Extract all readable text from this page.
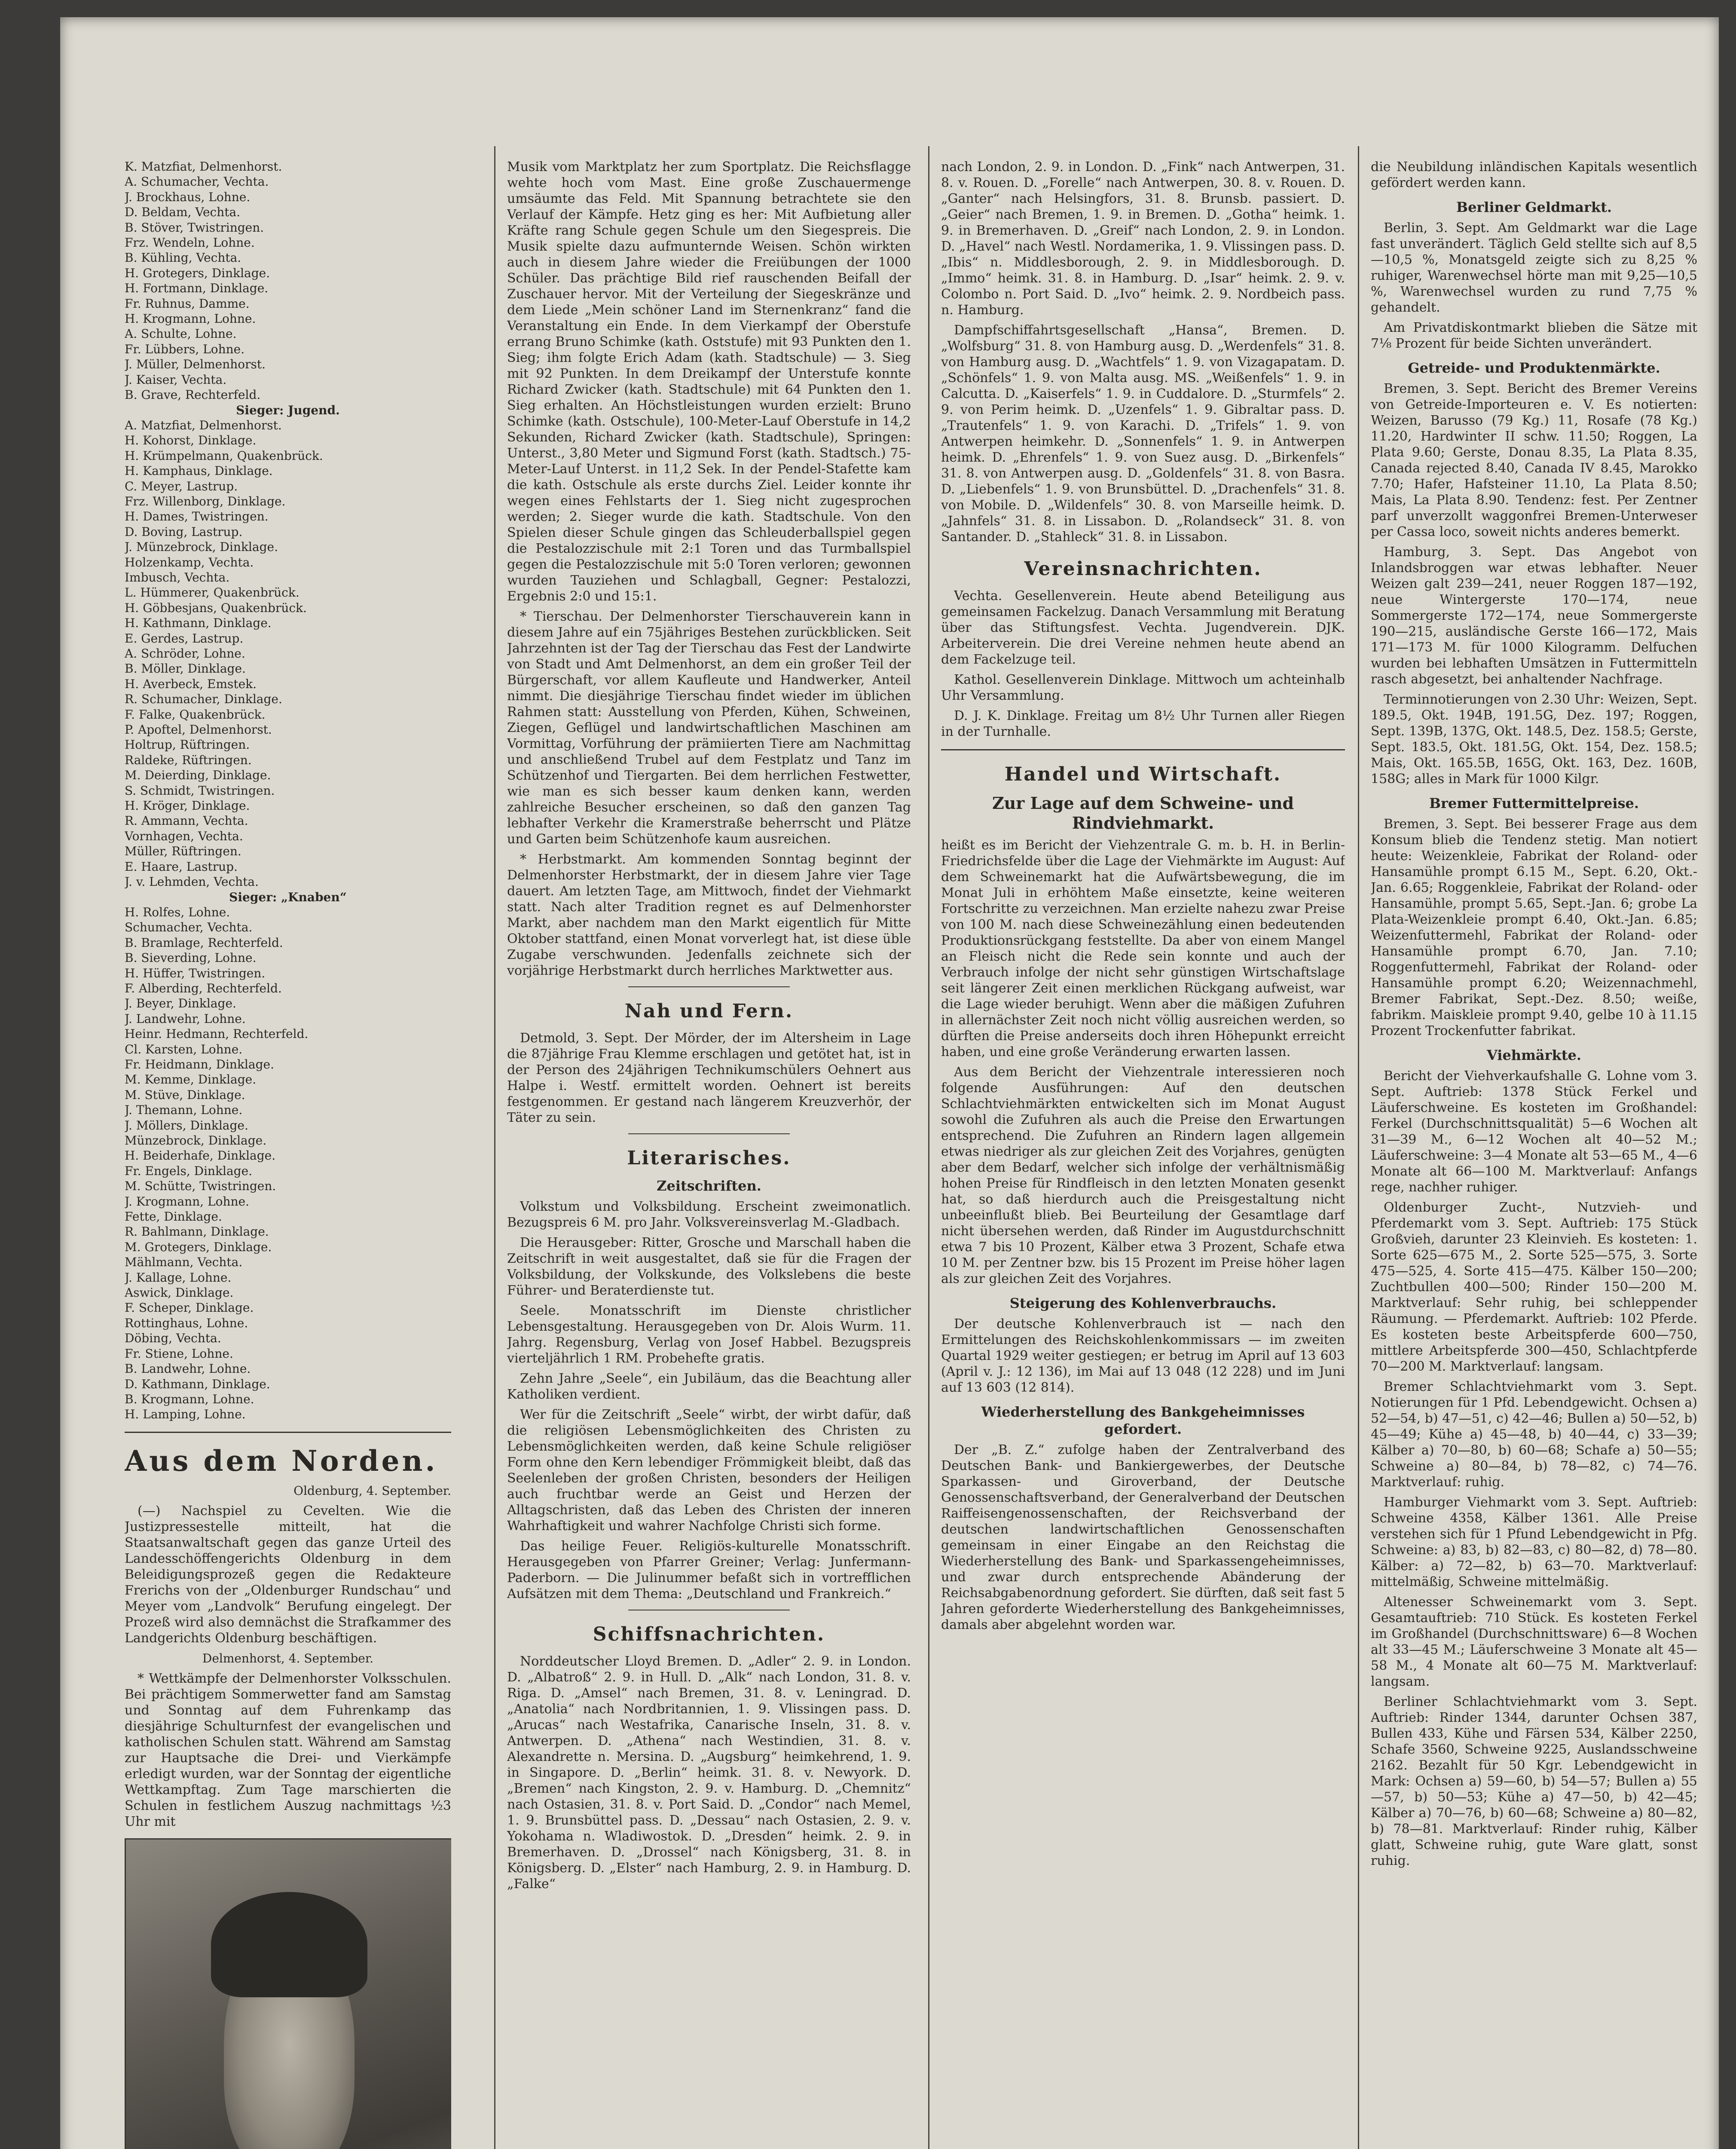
K. Matzfiat, Delmenhorst.
A. Schumacher, Vechta.
J. Brockhaus, Lohne.
D. Beldam, Vechta.
B. Stöver, Twistringen.
Frz. Wendeln, Lohne.
B. Kühling, Vechta.
H. Grotegers, Dinklage.
H. Fortmann, Dinklage.
Fr. Ruhnus, Damme.
H. Krogmann, Lohne.
A. Schulte, Lohne.
Fr. Lübbers, Lohne.
J. Müller, Delmenhorst.
J. Kaiser, Vechta.
B. Grave, Rechterfeld.
Sieger: Jugend.
A. Matzfiat, Delmenhorst.
H. Kohorst, Dinklage.
H. Krümpelmann, Quakenbrück.
H. Kamphaus, Dinklage.
C. Meyer, Lastrup.
Frz. Willenborg, Dinklage.
H. Dames, Twistringen.
D. Boving, Lastrup.
J. Münzebrock, Dinklage.
Holzenkamp, Vechta.
Imbusch, Vechta.
L. Hümmerer, Quakenbrück.
H. Göbbesjans, Quakenbrück.
H. Kathmann, Dinklage.
E. Gerdes, Lastrup.
A. Schröder, Lohne.
B. Möller, Dinklage.
H. Averbeck, Emstek.
R. Schumacher, Dinklage.
F. Falke, Quakenbrück.
P. Apoftel, Delmenhorst.
Holtrup, Rüftringen.
Raldeke, Rüftringen.
M. Deierding, Dinklage.
S. Schmidt, Twistringen.
H. Kröger, Dinklage.
R. Ammann, Vechta.
Vornhagen, Vechta.
Müller, Rüftringen.
E. Haare, Lastrup.
J. v. Lehmden, Vechta.
Sieger: „Knaben“
H. Rolfes, Lohne.
Schumacher, Vechta.
B. Bramlage, Rechterfeld.
B. Sieverding, Lohne.
H. Hüffer, Twistringen.
F. Alberding, Rechterfeld.
J. Beyer, Dinklage.
J. Landwehr, Lohne.
Heinr. Hedmann, Rechterfeld.
Cl. Karsten, Lohne.
Fr. Heidmann, Dinklage.
M. Kemme, Dinklage.
M. Stüve, Dinklage.
J. Themann, Lohne.
J. Möllers, Dinklage.
Münzebrock, Dinklage.
H. Beiderhafe, Dinklage.
Fr. Engels, Dinklage.
M. Schütte, Twistringen.
J. Krogmann, Lohne.
Fette, Dinklage.
R. Bahlmann, Dinklage.
M. Grotegers, Dinklage.
Mählmann, Vechta.
J. Kallage, Lohne.
Aswick, Dinklage.
F. Scheper, Dinklage.
Rottinghaus, Lohne.
Döbing, Vechta.
Fr. Stiene, Lohne.
B. Landwehr, Lohne.
D. Kathmann, Dinklage.
B. Krogmann, Lohne.
H. Lamping, Lohne.
Aus dem Norden.
Oldenburg, 4. September.

(—) Nachspiel zu Cevelten. Wie die Justizpressestelle mitteilt, hat die Staatsanwaltschaft gegen das ganze Urteil des Landesschöffengerichts Oldenburg in dem Beleidigungsprozeß gegen die Redakteure Frerichs von der „Oldenburger Rundschau“ und Meyer vom „Landvolk“ Berufung eingelegt. Der Prozeß wird also demnächst die Strafkammer des Landgerichts Oldenburg beschäftigen.

Delmenhorst, 4. September.

* Wettkämpfe der Delmenhorster Volksschulen. Bei prächtigem Sommerwetter fand am Samstag und Sonntag auf dem Fuhrenkamp das diesjährige Schulturnfest der evangelischen und katholischen Schulen statt. Während am Samstag zur Hauptsache die Drei- und Vierkämpfe erledigt wurden, war der Sonntag der eigentliche Wettkampftag. Zum Tage marschierten die Schulen in festlichem Auszug nachmittags ½3 Uhr mit

Musik vom Marktplatz her zum Sportplatz. Die Reichsflagge wehte hoch vom Mast. Eine große Zuschauermenge umsäumte das Feld. Mit Spannung betrachtete sie den Verlauf der Kämpfe. Hetz ging es her: Mit Aufbietung aller Kräfte rang Schule gegen Schule um den Siegespreis. Die Musik spielte dazu aufmunternde Weisen. Schön wirkten auch in diesem Jahre wieder die Freiübungen der 1000 Schüler. Das prächtige Bild rief rauschenden Beifall der Zuschauer hervor. Mit der Verteilung der Siegeskränze und dem Liede „Mein schöner Land im Sternenkranz“ fand die Veranstaltung ein Ende. In dem Vierkampf der Oberstufe errang Bruno Schimke (kath. Oststufe) mit 93 Punkten den 1. Sieg; ihm folgte Erich Adam (kath. Stadtschule) — 3. Sieg mit 92 Punkten. In dem Dreikampf der Unterstufe konnte Richard Zwicker (kath. Stadtschule) mit 64 Punkten den 1. Sieg erhalten. An Höchstleistungen wurden erzielt: Bruno Schimke (kath. Ostschule), 100-Meter-Lauf Oberstufe in 14,2 Sekunden, Richard Zwicker (kath. Stadtschule), Springen: Unterst., 3,80 Meter und Sigmund Forst (kath. Stadtsch.) 75-Meter-Lauf Unterst. in 11,2 Sek. In der Pendel-Stafette kam die kath. Ostschule als erste durchs Ziel. Leider konnte ihr wegen eines Fehlstarts der 1. Sieg nicht zugesprochen werden; 2. Sieger wurde die kath. Stadtschule. Von den Spielen dieser Schule gingen das Schleuderballspiel gegen die Pestalozzischule mit 2:1 Toren und das Turmballspiel gegen die Pestalozzischule mit 5:0 Toren verloren; gewonnen wurden Tauziehen und Schlagball, Gegner: Pestalozzi, Ergebnis 2:0 und 15:1.

* Tierschau. Der Delmenhorster Tierschauverein kann in diesem Jahre auf ein 75jähriges Bestehen zurückblicken. Seit Jahrzehnten ist der Tag der Tierschau das Fest der Landwirte von Stadt und Amt Delmenhorst, an dem ein großer Teil der Bürgerschaft, vor allem Kaufleute und Handwerker, Anteil nimmt. Die diesjährige Tierschau findet wieder im üblichen Rahmen statt: Ausstellung von Pferden, Kühen, Schweinen, Ziegen, Geflügel und landwirtschaftlichen Maschinen am Vormittag, Vorführung der prämiierten Tiere am Nachmittag und anschließend Trubel auf dem Festplatz und Tanz im Schützenhof und Tiergarten. Bei dem herrlichen Festwetter, wie man es sich besser kaum denken kann, werden zahlreiche Besucher erscheinen, so daß den ganzen Tag lebhafter Verkehr die Kramerstraße beherrscht und Plätze und Garten beim Schützenhofe kaum ausreichen.

* Herbstmarkt. Am kommenden Sonntag beginnt der Delmenhorster Herbstmarkt, der in diesem Jahre vier Tage dauert. Am letzten Tage, am Mittwoch, findet der Viehmarkt statt. Nach alter Tradition regnet es auf Delmenhorster Markt, aber nachdem man den Markt eigentlich für Mitte Oktober stattfand, einen Monat vorverlegt hat, ist diese üble Zugabe verschwunden. Jedenfalls zeichnete sich der vorjährige Herbstmarkt durch herrliches Marktwetter aus.

Nah und Fern.

Detmold, 3. Sept. Der Mörder, der im Altersheim in Lage die 87jährige Frau Klemme erschlagen und getötet hat, ist in der Person des 24jährigen Technikumschülers Oehnert aus Halpe i. Westf. ermittelt worden. Oehnert ist bereits festgenommen. Er gestand nach längerem Kreuzverhör, der Täter zu sein.

Literarisches.
Zeitschriften.

Volkstum und Volksbildung. Erscheint zweimonatlich. Bezugspreis 6 M. pro Jahr. Volksvereinsverlag M.-Gladbach.

Die Herausgeber: Ritter, Grosche und Marschall haben die Zeitschrift in weit ausgestaltet, daß sie für die Fragen der Volksbildung, der Volkskunde, des Volkslebens die beste Führer- und Beraterdienste tut.

Seele. Monatsschrift im Dienste christlicher Lebensgestaltung. Herausgegeben von Dr. Alois Wurm. 11. Jahrg. Regensburg, Verlag von Josef Habbel. Bezugspreis vierteljährlich 1 RM. Probehefte gratis.

Zehn Jahre „Seele“, ein Jubiläum, das die Beachtung aller Katholiken verdient.

Wer für die Zeitschrift „Seele“ wirbt, der wirbt dafür, daß die religiösen Lebensmöglichkeiten des Christen zu Lebensmöglichkeiten werden, daß keine Schule religiöser Form ohne den Kern lebendiger Frömmigkeit bleibt, daß das Seelenleben der großen Christen, besonders der Heiligen auch fruchtbar werde an Geist und Herzen der Alltagschristen, daß das Leben des Christen der inneren Wahrhaftigkeit und wahrer Nachfolge Christi sich forme.

Das heilige Feuer. Religiös-kulturelle Monatsschrift. Herausgegeben von Pfarrer Greiner; Verlag: Junfermann-Paderborn. — Die Julinummer befaßt sich in vortrefflichen Aufsätzen mit dem Thema: „Deutschland und Frankreich.“

Schiffsnachrichten.

Norddeutscher Lloyd Bremen. D. „Adler“ 2. 9. in London. D. „Albatroß“ 2. 9. in Hull. D. „Alk“ nach London, 31. 8. v. Riga. D. „Amsel“ nach Bremen, 31. 8. v. Leningrad. D. „Anatolia“ nach Nordbritannien, 1. 9. Vlissingen pass. D. „Arucas“ nach Westafrika, Canarische Inseln, 31. 8. v. Antwerpen. D. „Athena“ nach Westindien, 31. 8. v. Alexandrette n. Mersina. D. „Augsburg“ heimkehrend, 1. 9. in Singapore. D. „Berlin“ heimk. 31. 8. v. Newyork. D. „Bremen“ nach Kingston, 2. 9. v. Hamburg. D. „Chemnitz“ nach Ostasien, 31. 8. v. Port Said. D. „Condor“ nach Memel, 1. 9. Brunsbüttel pass. D. „Dessau“ nach Ostasien, 2. 9. v. Yokohama n. Wladiwostok. D. „Dresden“ heimk. 2. 9. in Bremerhaven. D. „Drossel“ nach Königsberg, 31. 8. in Königsberg. D. „Elster“ nach Hamburg, 2. 9. in Hamburg. D. „Falke“

nach London, 2. 9. in London. D. „Fink“ nach Antwerpen, 31. 8. v. Rouen. D. „Forelle“ nach Antwerpen, 30. 8. v. Rouen. D. „Ganter“ nach Helsingfors, 31. 8. Brunsb. passiert. D. „Geier“ nach Bremen, 1. 9. in Bremen. D. „Gotha“ heimk. 1. 9. in Bremerhaven. D. „Greif“ nach London, 2. 9. in London. D. „Havel“ nach Westl. Nordamerika, 1. 9. Vlissingen pass. D. „Ibis“ n. Middlesborough, 2. 9. in Middlesborough. D. „Immo“ heimk. 31. 8. in Hamburg. D. „Isar“ heimk. 2. 9. v. Colombo n. Port Said. D. „Ivo“ heimk. 2. 9. Nordbeich pass. n. Hamburg.

Dampfschiffahrtsgesellschaft „Hansa“, Bremen. D. „Wolfsburg“ 31. 8. von Hamburg ausg. D. „Werdenfels“ 31. 8. von Hamburg ausg. D. „Wachtfels“ 1. 9. von Vizagapatam. D. „Schönfels“ 1. 9. von Malta ausg. MS. „Weißenfels“ 1. 9. in Calcutta. D. „Kaiserfels“ 1. 9. in Cuddalore. D. „Sturmfels“ 2. 9. von Perim heimk. D. „Uzenfels“ 1. 9. Gibraltar pass. D. „Trautenfels“ 1. 9. von Karachi. D. „Trifels“ 1. 9. von Antwerpen heimkehr. D. „Sonnenfels“ 1. 9. in Antwerpen heimk. D. „Ehrenfels“ 1. 9. von Suez ausg. D. „Birkenfels“ 31. 8. von Antwerpen ausg. D. „Goldenfels“ 31. 8. von Basra. D. „Liebenfels“ 1. 9. von Brunsbüttel. D. „Drachenfels“ 31. 8. von Mobile. D. „Wildenfels“ 30. 8. von Marseille heimk. D. „Jahnfels“ 31. 8. in Lissabon. D. „Rolandseck“ 31. 8. von Santander. D. „Stahleck“ 31. 8. in Lissabon.

Vereinsnachrichten.

Vechta. Gesellenverein. Heute abend Beteiligung aus gemeinsamen Fackelzug. Danach Versammlung mit Beratung über das Stiftungsfest. Vechta. Jugendverein. DJK. Arbeiterverein. Die drei Vereine nehmen heute abend an dem Fackelzuge teil.

Kathol. Gesellenverein Dinklage. Mittwoch um achteinhalb Uhr Versammlung.

D. J. K. Dinklage. Freitag um 8½ Uhr Turnen aller Riegen in der Turnhalle.

Handel und Wirtschaft.
Zur Lage auf dem Schweine- und Rindviehmarkt.

heißt es im Bericht der Viehzentrale G. m. b. H. in Berlin-Friedrichsfelde über die Lage der Viehmärkte im August: Auf dem Schweinemarkt hat die Aufwärtsbewegung, die im Monat Juli in erhöhtem Maße einsetzte, keine weiteren Fortschritte zu verzeichnen. Man erzielte nahezu zwar Preise von 100 M. nach diese Schweinezählung einen bedeutenden Produktionsrückgang feststellte. Da aber von einem Mangel an Fleisch nicht die Rede sein konnte und auch der Verbrauch infolge der nicht sehr günstigen Wirtschaftslage seit längerer Zeit einen merklichen Rückgang aufweist, war die Lage wieder beruhigt. Wenn aber die mäßigen Zufuhren in allernächster Zeit noch nicht völlig ausreichen werden, so dürften die Preise anderseits doch ihren Höhepunkt erreicht haben, und eine große Veränderung erwarten lassen.

Aus dem Bericht der Viehzentrale interessieren noch folgende Ausführungen: Auf den deutschen Schlachtviehmärkten entwickelten sich im Monat August sowohl die Zufuhren als auch die Preise den Erwartungen entsprechend. Die Zufuhren an Rindern lagen allgemein etwas niedriger als zur gleichen Zeit des Vorjahres, genügten aber dem Bedarf, welcher sich infolge der verhältnismäßig hohen Preise für Rindfleisch in den letzten Monaten gesenkt hat, so daß hierdurch auch die Preisgestaltung nicht unbeeinflußt blieb. Bei Beurteilung der Gesamtlage darf nicht übersehen werden, daß Rinder im Augustdurchschnitt etwa 7 bis 10 Prozent, Kälber etwa 3 Prozent, Schafe etwa 10 M. per Zentner bzw. bis 15 Prozent im Preise höher lagen als zur gleichen Zeit des Vorjahres.

Steigerung des Kohlenverbrauchs.

Der deutsche Kohlenverbrauch ist — nach den Ermittelungen des Reichskohlenkommissars — im zweiten Quartal 1929 weiter gestiegen; er betrug im April auf 13 603 (April v. J.: 12 136), im Mai auf 13 048 (12 228) und im Juni auf 13 603 (12 814).

Wiederherstellung des Bankgeheimnisses gefordert.

Der „B. Z.“ zufolge haben der Zentralverband des Deutschen Bank- und Bankiergewerbes, der Deutsche Sparkassen- und Giroverband, der Deutsche Genossenschaftsverband, der Generalverband der Deutschen Raiffeisengenossenschaften, der Reichsverband der deutschen landwirtschaftlichen Genossenschaften gemeinsam in einer Eingabe an den Reichstag die Wiederherstellung des Bank- und Sparkassengeheimnisses, und zwar durch entsprechende Abänderung der Reichsabgabenordnung gefordert. Sie dürften, daß seit fast 5 Jahren geforderte Wiederherstellung des Bankgeheimnisses, damals aber abgelehnt worden war.

die Neubildung inländischen Kapitals wesentlich gefördert werden kann.

Berliner Geldmarkt.

Berlin, 3. Sept. Am Geldmarkt war die Lage fast unverändert. Täglich Geld stellte sich auf 8,5—10,5 %, Monatsgeld zeigte sich zu 8,25 % ruhiger, Warenwechsel hörte man mit 9,25—10,5 %, Warenwechsel wurden zu rund 7,75 % gehandelt.

Am Privatdiskontmarkt blieben die Sätze mit 7⅛ Prozent für beide Sichten unverändert.

Getreide- und Produktenmärkte.

Bremen, 3. Sept. Bericht des Bremer Vereins von Getreide-Importeuren e. V. Es notierten: Weizen, Barusso (79 Kg.) 11, Rosafe (78 Kg.) 11.20, Hardwinter II schw. 11.50; Roggen, La Plata 9.60; Gerste, Donau 8.35, La Plata 8.35, Canada rejected 8.40, Canada IV 8.45, Marokko 7.70; Hafer, Hafsteiner 11.10, La Plata 8.50; Mais, La Plata 8.90. Tendenz: fest. Per Zentner parf unverzollt waggonfrei Bremen-Unterweser per Cassa loco, soweit nichts anderes bemerkt.

Hamburg, 3. Sept. Das Angebot von Inlandsbroggen war etwas lebhafter. Neuer Weizen galt 239—241, neuer Roggen 187—192, neue Wintergerste 170—174, neue Sommergerste 172—174, neue Sommergerste 190—215, ausländische Gerste 166—172, Mais 171—173 M. für 1000 Kilogramm. Delfuchen wurden bei lebhaften Umsätzen in Futtermitteln rasch abgesetzt, bei anhaltender Nachfrage.

Terminnotierungen von 2.30 Uhr: Weizen, Sept. 189.5, Okt. 194B, 191.5G, Dez. 197; Roggen, Sept. 139B, 137G, Okt. 148.5, Dez. 158.5; Gerste, Sept. 183.5, Okt. 181.5G, Okt. 154, Dez. 158.5; Mais, Okt. 165.5B, 165G, Okt. 163, Dez. 160B, 158G; alles in Mark für 1000 Kilgr.

Bremer Futtermittelpreise.

Bremen, 3. Sept. Bei besserer Frage aus dem Konsum blieb die Tendenz stetig. Man notiert heute: Weizenkleie, Fabrikat der Roland- oder Hansamühle prompt 6.15 M., Sept. 6.20, Okt.-Jan. 6.65; Roggenkleie, Fabrikat der Roland- oder Hansamühle, prompt 5.65, Sept.-Jan. 6; grobe La Plata-Weizenkleie prompt 6.40, Okt.-Jan. 6.85; Weizenfuttermehl, Fabrikat der Roland- oder Hansamühle prompt 6.70, Jan. 7.10; Roggenfuttermehl, Fabrikat der Roland- oder Hansamühle prompt 6.20; Weizennachmehl, Bremer Fabrikat, Sept.-Dez. 8.50; weiße, fabrikm. Maiskleie prompt 9.40, gelbe 10 à 11.15 Prozent Trockenfutter fabrikat.

Viehmärkte.

Bericht der Viehverkaufshalle G. Lohne vom 3. Sept. Auftrieb: 1378 Stück Ferkel und Läuferschweine. Es kosteten im Großhandel: Ferkel (Durchschnittsqualität) 5—6 Wochen alt 31—39 M., 6—12 Wochen alt 40—52 M.; Läuferschweine: 3—4 Monate alt 53—65 M., 4—6 Monate alt 66—100 M. Marktverlauf: Anfangs rege, nachher ruhiger.

Oldenburger Zucht-, Nutzvieh- und Pferdemarkt vom 3. Sept. Auftrieb: 175 Stück Großvieh, darunter 23 Kleinvieh. Es kosteten: 1. Sorte 625—675 M., 2. Sorte 525—575, 3. Sorte 475—525, 4. Sorte 415—475. Kälber 150—200; Zuchtbullen 400—500; Rinder 150—200 M. Marktverlauf: Sehr ruhig, bei schleppender Räumung. — Pferdemarkt. Auftrieb: 102 Pferde. Es kosteten beste Arbeitspferde 600—750, mittlere Arbeitspferde 300—450, Schlachtpferde 70—200 M. Marktverlauf: langsam.

Bremer Schlachtviehmarkt vom 3. Sept. Notierungen für 1 Pfd. Lebendgewicht. Ochsen a) 52—54, b) 47—51, c) 42—46; Bullen a) 50—52, b) 45—49; Kühe a) 45—48, b) 40—44, c) 33—39; Kälber a) 70—80, b) 60—68; Schafe a) 50—55; Schweine a) 80—84, b) 78—82, c) 74—76. Marktverlauf: ruhig.

Hamburger Viehmarkt vom 3. Sept. Auftrieb: Schweine 4358, Kälber 1361. Alle Preise verstehen sich für 1 Pfund Lebendgewicht in Pfg. Schweine: a) 83, b) 82—83, c) 80—82, d) 78—80. Kälber: a) 72—82, b) 63—70. Marktverlauf: mittelmäßig, Schweine mittelmäßig.

Altenesser Schweinemarkt vom 3. Sept. Gesamtauftrieb: 710 Stück. Es kosteten Ferkel im Großhandel (Durchschnittsware) 6—8 Wochen alt 33—45 M.; Läuferschweine 3 Monate alt 45—58 M., 4 Monate alt 60—75 M. Marktverlauf: langsam.

Berliner Schlachtviehmarkt vom 3. Sept. Auftrieb: Rinder 1344, darunter Ochsen 387, Bullen 433, Kühe und Färsen 534, Kälber 2250, Schafe 3560, Schweine 9225, Auslandsschweine 2162. Bezahlt für 50 Kgr. Lebendgewicht in Mark: Ochsen a) 59—60, b) 54—57; Bullen a) 55—57, b) 50—53; Kühe a) 47—50, b) 42—45; Kälber a) 70—76, b) 60—68; Schweine a) 80—82, b) 78—81. Marktverlauf: Rinder ruhig, Kälber glatt, Schweine ruhig, gute Ware glatt, sonst ruhig.
